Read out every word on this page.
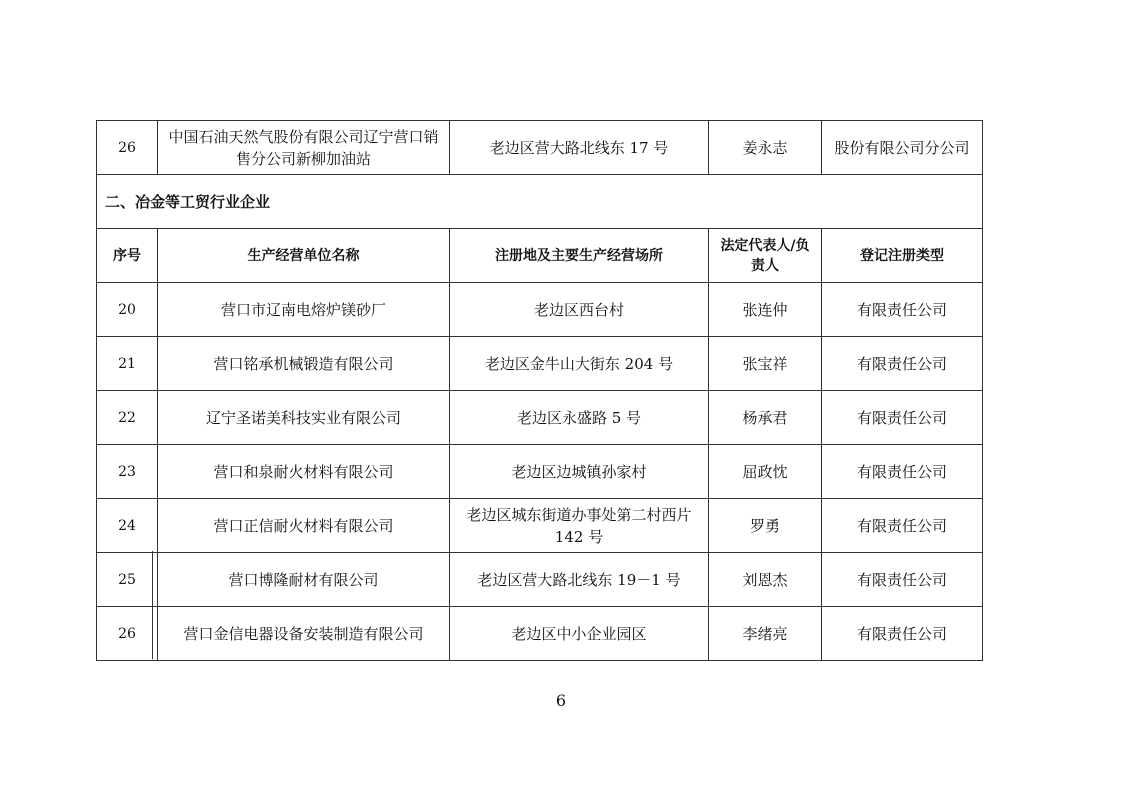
26	中国石油天然气股份有限公司辽宁营口销售分公司新柳加油站	老边区营大路北线东 17 号	姜永志	股份有限公司分公司
二、冶金等工贸行业企业				
序号	生产经营单位名称	注册地及主要生产经营场所	法定代表人/负责人	登记注册类型
20	营口市辽南电熔炉镁砂厂	老边区西台村	张连仲	有限责任公司
21	营口铭承机械锻造有限公司	老边区金牛山大街东 204 号	张宝祥	有限责任公司
22	辽宁圣诺美科技实业有限公司	老边区永盛路 5 号	杨承君	有限责任公司
23	营口和泉耐火材料有限公司	老边区边城镇孙家村	屈政忱	有限责任公司
24	营口正信耐火材料有限公司	老边区城东街道办事处第二村西片 142 号	罗勇	有限责任公司
25	营口博隆耐材有限公司	老边区营大路北线东 19－1 号	刘恩杰	有限责任公司
26	营口金信电器设备安装制造有限公司	老边区中小企业园区	李绪亮	有限责任公司
6
